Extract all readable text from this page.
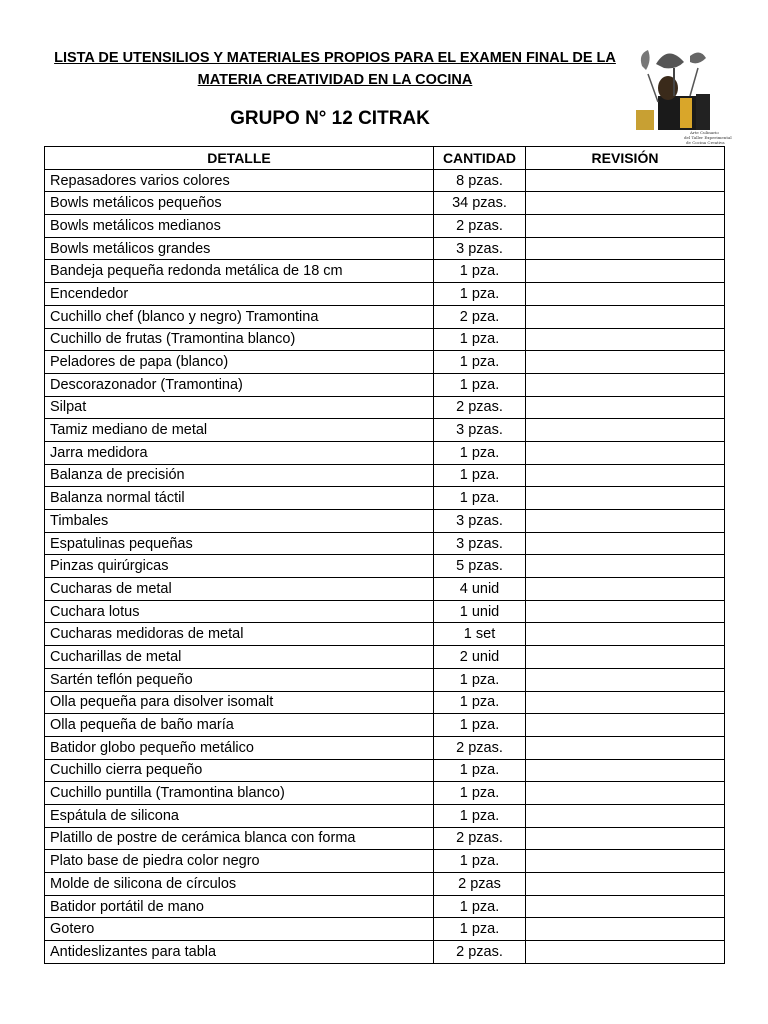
LISTA DE UTENSILIOS Y MATERIALES PROPIOS PARA EL EXAMEN FINAL DE LA
MATERIA CREATIVIDAD EN LA COCINA
GRUPO N° 12 CITRAK
Arte Culinario
del Taller Experimental
de Cocina Creativa
DETALLE	CANTIDAD	REVISIÓN
Repasadores varios colores	8 pzas.	
Bowls metálicos pequeños	34 pzas.	
Bowls metálicos medianos	2 pzas.	
Bowls metálicos grandes	3 pzas.	
Bandeja pequeña redonda metálica de 18 cm	1 pza.	
Encendedor	1 pza.	
Cuchillo chef (blanco y negro) Tramontina	2 pza.	
Cuchillo de frutas (Tramontina blanco)	1 pza.	
Peladores de papa (blanco)	1 pza.	
Descorazonador (Tramontina)	1 pza.	
Silpat	2 pzas.	
Tamiz mediano de metal	3 pzas.	
Jarra medidora	1 pza.	
Balanza de precisión	1 pza.	
Balanza normal táctil	1 pza.	
Timbales	3 pzas.	
Espatulinas pequeñas	3 pzas.	
Pinzas quirúrgicas	5 pzas.	
Cucharas de metal	4 unid	
Cuchara lotus	1 unid	
Cucharas medidoras de metal	1 set	
Cucharillas de metal	2 unid	
Sartén teflón pequeño	1 pza.	
Olla pequeña para disolver isomalt	1 pza.	
Olla pequeña de baño maría	1 pza.	
Batidor globo pequeño metálico	2 pzas.	
Cuchillo cierra pequeño	1 pza.	
Cuchillo puntilla (Tramontina blanco)	1 pza.	
Espátula de silicona	1 pza.	
Platillo de postre de cerámica blanca con forma	2 pzas.	
Plato base de piedra color negro	1 pza.	
Molde de silicona de círculos	2 pzas	
Batidor portátil de mano	1 pza.	
Gotero	1 pza.	
Antideslizantes para tabla	2 pzas.	
